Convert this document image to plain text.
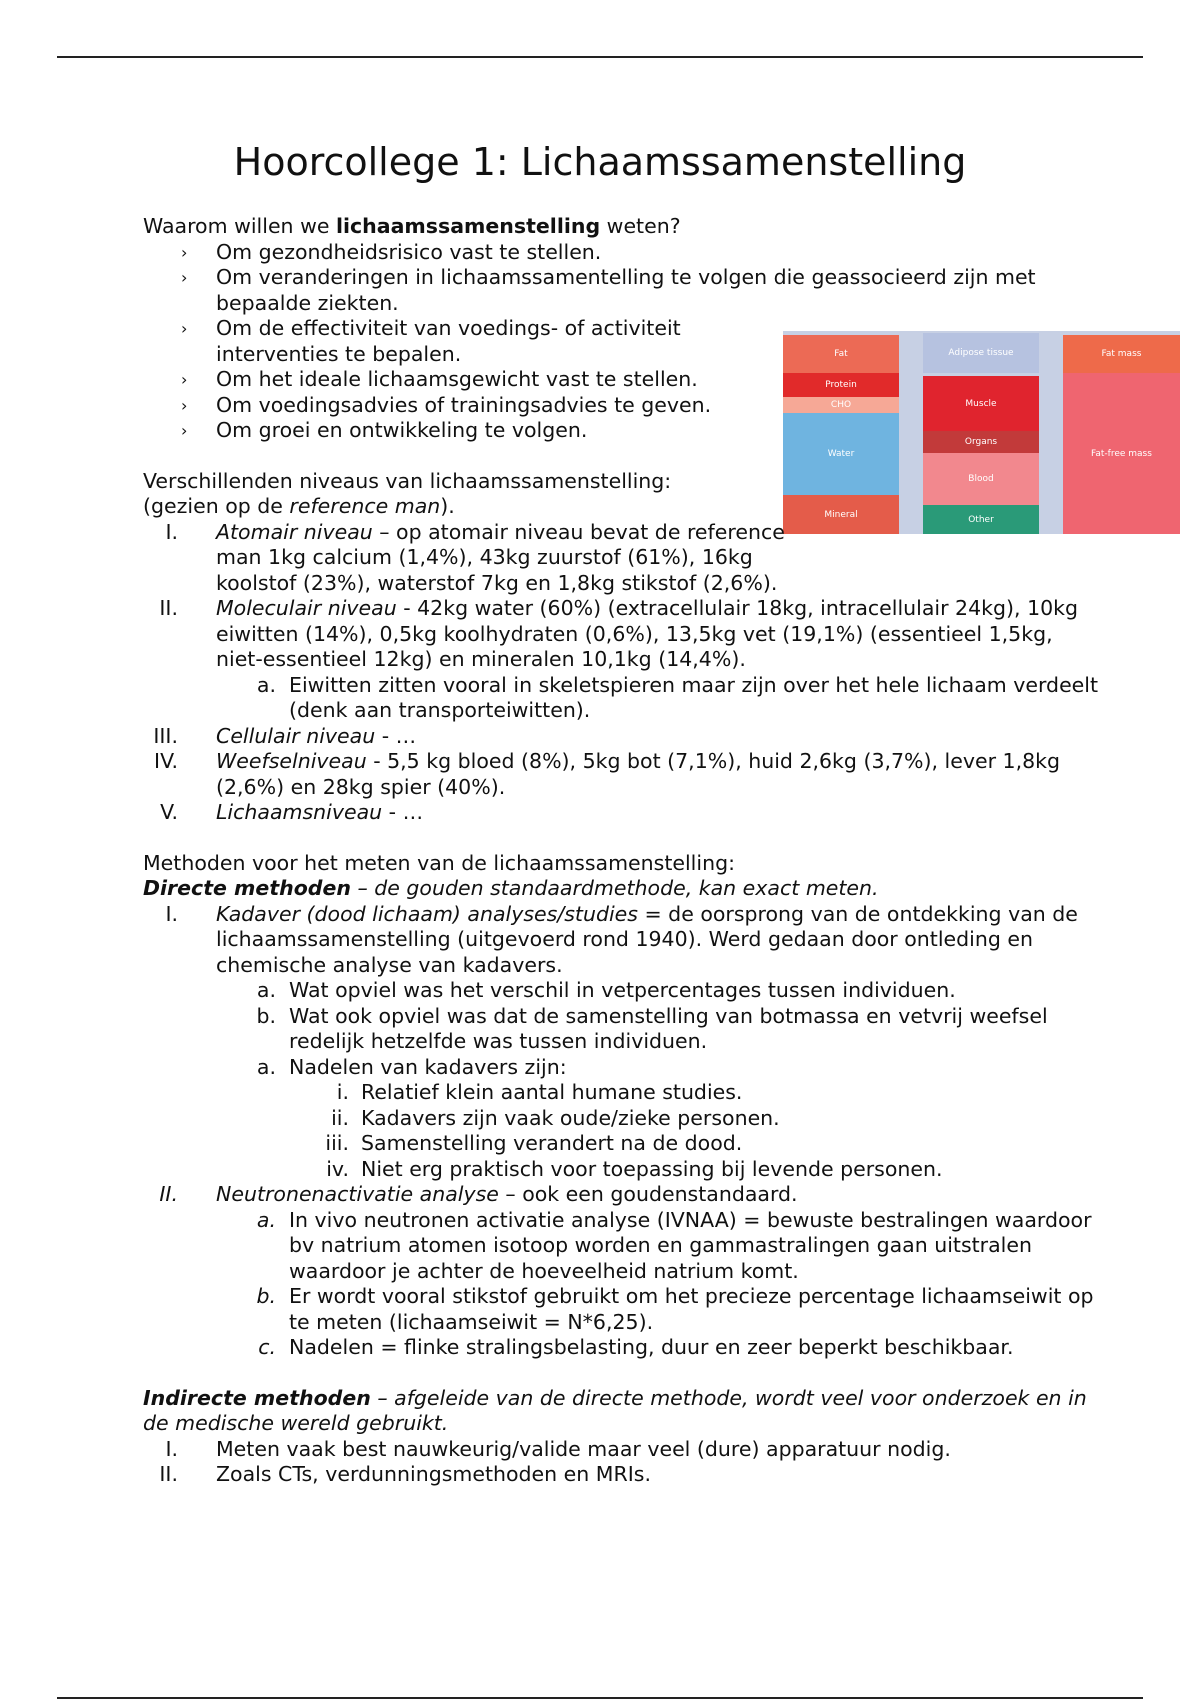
Hoorcollege 1: Lichaamssamenstelling
Fat
Protein
CHO
Water
Mineral
Adipose tissue
Muscle
Organs
Blood
Other
Fat mass
Fat-free mass

Waarom willen we lichaamssamenstelling weten?

› Om gezondheidsrisico vast te stellen.
› Om veranderingen in lichaamssamentelling te volgen die geassocieerd zijn met bepaalde ziekten.
› Om de effectiviteit van voedings- of activiteit interventies te bepalen.
› Om het ideale lichaamsgewicht vast te stellen.
› Om voedingsadvies of trainingsadvies te geven.
› Om groei en ontwikkeling te volgen.

Verschillenden niveaus van lichaamssamenstelling:

(gezien op de reference man).

I. Atomair niveau – op atomair niveau bevat de reference man 1kg calcium (1,4%), 43kg zuurstof (61%), 16kg koolstof (23%), waterstof 7kg en 1,8kg stikstof (2,6%).
II. Moleculair niveau - 42kg water (60%) (extracellulair 18kg, intracellulair 24kg), 10kg eiwitten (14%), 0,5kg koolhydraten (0,6%), 13,5kg vet (19,1%) (essentieel 1,5kg, niet-essentieel 12kg) en mineralen 10,1kg (14,4%).
a. Eiwitten zitten vooral in skeletspieren maar zijn over het hele lichaam verdeelt (denk aan transporteiwitten).
III. Cellulair niveau - …
IV. Weefselniveau - 5,5 kg bloed (8%), 5kg bot (7,1%), huid 2,6kg (3,7%), lever 1,8kg (2,6%) en 28kg spier (40%).
V. Lichaamsniveau - …

Methoden voor het meten van de lichaamssamenstelling:

Directe methoden – de gouden standaardmethode, kan exact meten.

I. Kadaver (dood lichaam) analyses/studies = de oorsprong van de ontdekking van de lichaamssamenstelling (uitgevoerd rond 1940). Werd gedaan door ontleding en chemische analyse van kadavers.
a. Wat opviel was het verschil in vetpercentages tussen individuen.
b. Wat ook opviel was dat de samenstelling van botmassa en vetvrij weefsel redelijk hetzelfde was tussen individuen.
a. Nadelen van kadavers zijn:
i. Relatief klein aantal humane studies.
ii. Kadavers zijn vaak oude/zieke personen.
iii. Samenstelling verandert na de dood.
iv. Niet erg praktisch voor toepassing bij levende personen.
II. Neutronenactivatie analyse – ook een goudenstandaard.
a. In vivo neutronen activatie analyse (IVNAA) = bewuste bestralingen waardoor bv natrium atomen isotoop worden en gammastralingen gaan uitstralen waardoor je achter de hoeveelheid natrium komt.
b. Er wordt vooral stikstof gebruikt om het precieze percentage lichaamseiwit op te meten (lichaamseiwit = N*6,25).
c. Nadelen = flinke stralingsbelasting, duur en zeer beperkt beschikbaar.

Indirecte methoden – afgeleide van de directe methode, wordt veel voor onderzoek en in de medische wereld gebruikt.

I. Meten vaak best nauwkeurig/valide maar veel (dure) apparatuur nodig.
II. Zoals CTs, verdunningsmethoden en MRIs.
